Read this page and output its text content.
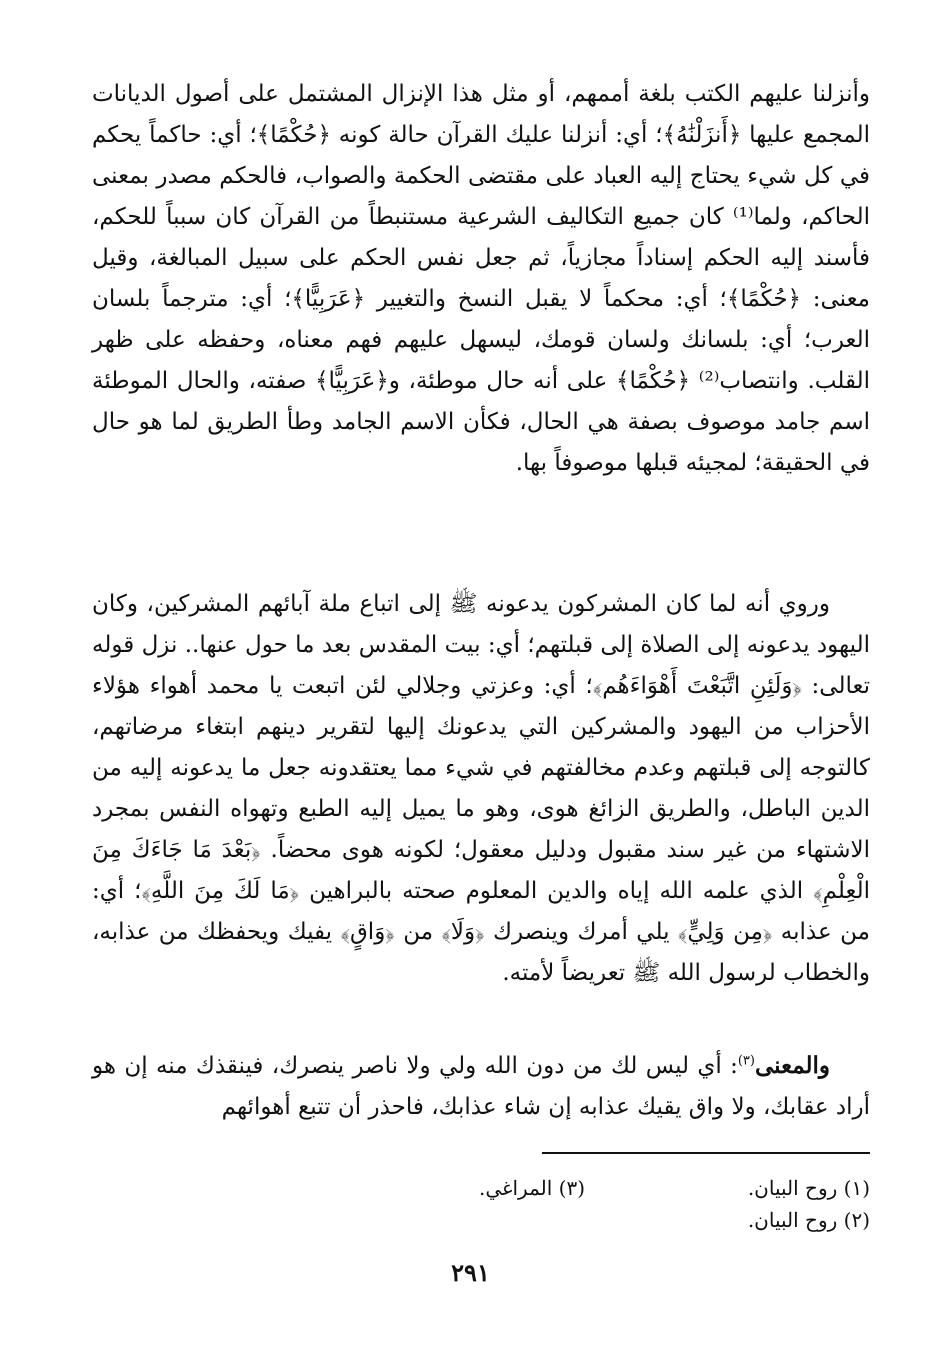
وأنزلنا عليهم الكتب بلغة أممهم، أو مثل هذا الإنزال المشتمل على أصول الديانات المجمع عليها ﴿أَنزَلْنَٰهُ﴾؛ أي: أنزلنا عليك القرآن حالة كونه ﴿حُكْمًا﴾؛ أي: حاكماً يحكم في كل شيء يحتاج إليه العباد على مقتضى الحكمة والصواب، فالحكم مصدر بمعنى الحاكم، ولما⁽¹⁾ كان جميع التكاليف الشرعية مستنبطاً من القرآن كان سبباً للحكم، فأسند إليه الحكم إسناداً مجازياً، ثم جعل نفس الحكم على سبيل المبالغة، وقيل معنى: ﴿حُكْمًا﴾؛ أي: محكماً لا يقبل النسخ والتغيير ﴿عَرَبِيًّا﴾؛ أي: مترجماً بلسان العرب؛ أي: بلسانك ولسان قومك، ليسهل عليهم فهم معناه، وحفظه على ظهر القلب. وانتصاب⁽²⁾ ﴿حُكْمًا﴾ على أنه حال موطئة، و﴿عَرَبِيًّا﴾ صفته، والحال الموطئة اسم جامد موصوف بصفة هي الحال، فكأن الاسم الجامد وطأ الطريق لما هو حال في الحقيقة؛ لمجيئه قبلها موصوفاً بها.

وروي أنه لما كان المشركون يدعونه ﷺ إلى اتباع ملة آبائهم المشركين، وكان اليهود يدعونه إلى الصلاة إلى قبلتهم؛ أي: بيت المقدس بعد ما حول عنها.. نزل قوله تعالى: ﴿وَلَئِنِ اتَّبَعْتَ أَهْوَاءَهُم﴾؛ أي: وعزتي وجلالي لئن اتبعت يا محمد أهواء هؤلاء الأحزاب من اليهود والمشركين التي يدعونك إليها لتقرير دينهم ابتغاء مرضاتهم، كالتوجه إلى قبلتهم وعدم مخالفتهم في شيء مما يعتقدونه جعل ما يدعونه إليه من الدين الباطل، والطريق الزائغ هوى، وهو ما يميل إليه الطبع وتهواه النفس بمجرد الاشتهاء من غير سند مقبول ودليل معقول؛ لكونه هوى محضاً. ﴿بَعْدَ مَا جَاءَكَ مِنَ الْعِلْمِ﴾ الذي علمه الله إياه والدين المعلوم صحته بالبراهين ﴿مَا لَكَ مِنَ اللَّهِ﴾؛ أي: من عذابه ﴿مِن وَلِيٍّ﴾ يلي أمرك وينصرك ﴿وَلَا﴾ من ﴿وَاقٍ﴾ يفيك ويحفظك من عذابه، والخطاب لرسول الله ﷺ تعريضاً لأمته.

والمعنى$^{(٣)}$: أي ليس لك من دون الله ولي ولا ناصر ينصرك، فينقذك منه إن هو أراد عقابك، ولا واق يقيك عذابه إن شاء عذابك، فاحذر أن تتبع أهوائهم

(١) روح البيان.
(٣) المراغي.
(٢) روح البيان.
٢٩١
